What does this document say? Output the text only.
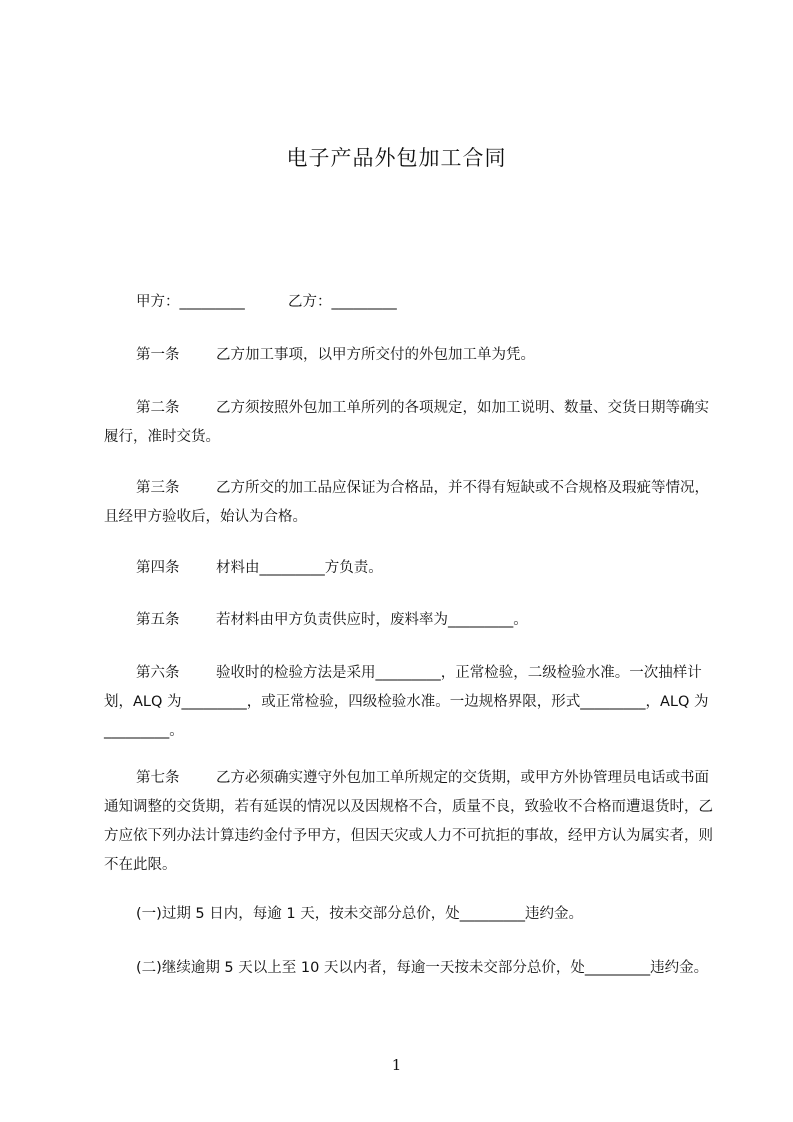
电子产品外包加工合同
甲方：_________	乙方：_________
第一条	乙方加工事项，以甲方所交付的外包加工单为凭。
第二条	乙方须按照外包加工单所列的各项规定，如加工说明、数量、交货日期等确实履行，准时交货。
第三条	乙方所交的加工品应保证为合格品，并不得有短缺或不合规格及瑕疵等情况，且经甲方验收后，始认为合格。
第四条	材料由_________方负责。
第五条	若材料由甲方负责供应时，废料率为_________。
第六条	验收时的检验方法是采用_________，正常检验，二级检验水准。一次抽样计划，ALQ 为_________，或正常检验，四级检验水准。一边规格界限，形式_________，ALQ 为_________。
第七条	乙方必须确实遵守外包加工单所规定的交货期，或甲方外协管理员电话或书面通知调整的交货期，若有延误的情况以及因规格不合，质量不良，致验收不合格而遭退货时，乙方应依下列办法计算违约金付予甲方，但因天灾或人力不可抗拒的事故，经甲方认为属实者，则不在此限。
(一)过期 5 日内，每逾 1 天，按未交部分总价，处_________违约金。
(二)继续逾期 5 天以上至 10 天以内者，每逾一天按未交部分总价，处_________违约金。
1
